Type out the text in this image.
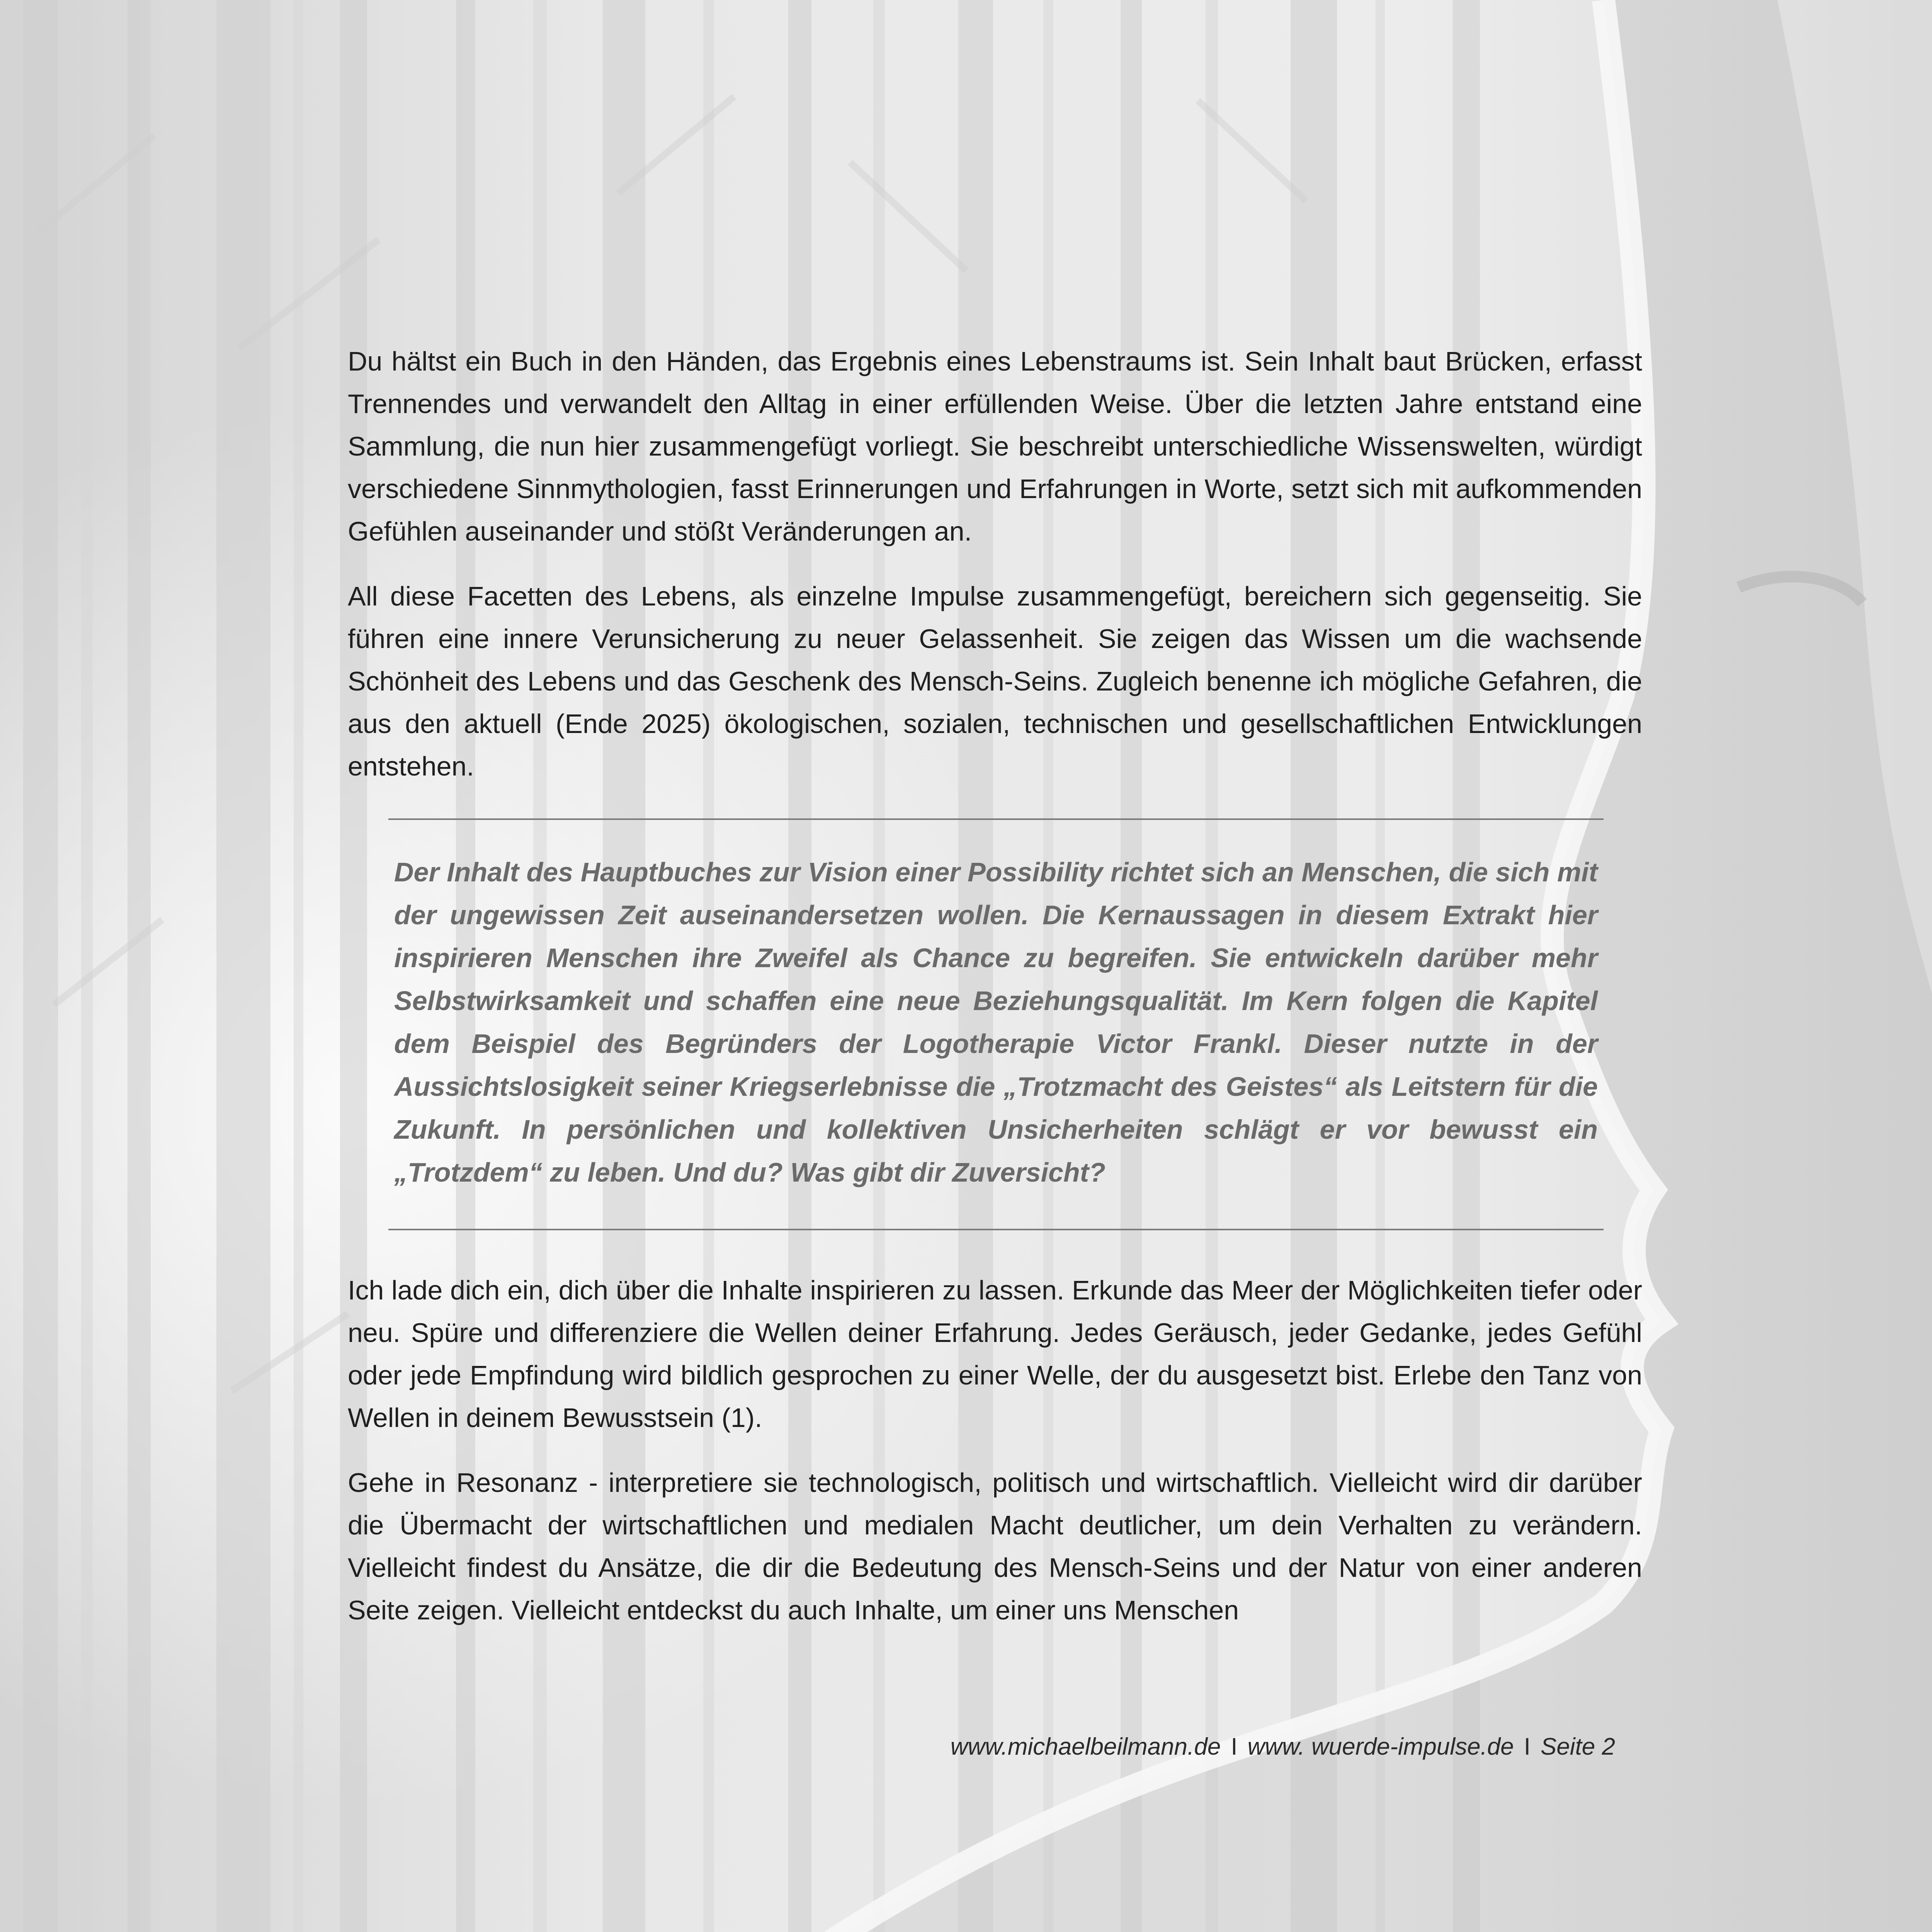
Du hältst ein Buch in den Händen, das Ergebnis eines Lebenstraums ist. Sein Inhalt baut Brücken, erfasst Trennendes und verwandelt den Alltag in einer erfüllenden Weise. Über die letzten Jahre entstand eine Sammlung, die nun hier zusammengefügt vorliegt. Sie beschreibt unterschiedliche Wissenswelten, würdigt verschiedene Sinnmythologien, fasst Erinnerungen und Erfahrungen in Worte, setzt sich mit aufkommenden Gefühlen auseinander und stößt Veränderungen an.

All diese Facetten des Lebens, als einzelne Impulse zusammengefügt, bereichern sich gegenseitig. Sie führen eine innere Verunsicherung zu neuer Gelassenheit. Sie zeigen das Wissen um die wachsende Schönheit des Lebens und das Geschenk des Mensch-Seins. Zugleich benenne ich mögliche Gefahren, die aus den aktuell (Ende 2025) ökologischen, sozialen, technischen und gesellschaftlichen Entwicklungen entstehen.

Der Inhalt des Hauptbuches zur Vision einer Possibility richtet sich an Menschen, die sich mit der ungewissen Zeit auseinandersetzen wollen. Die Kernaussagen in diesem Extrakt hier inspirieren Menschen ihre Zweifel als Chance zu begreifen. Sie entwickeln darüber mehr Selbstwirksamkeit und schaffen eine neue Beziehungsqualität. Im Kern folgen die Kapitel dem Beispiel des Begründers der Logotherapie Victor Frankl. Dieser nutzte in der Aussichtslosigkeit seiner Kriegserlebnisse die „Trotzmacht des Geistes“ als Leitstern für die Zukunft. In persönlichen und kollektiven Unsicherheiten schlägt er vor bewusst ein „Trotzdem“ zu leben. Und du? Was gibt dir Zuversicht?

Ich lade dich ein, dich über die Inhalte inspirieren zu lassen. Erkunde das Meer der Möglichkeiten tiefer oder neu. Spüre und differenziere die Wellen deiner Erfahrung. Jedes Geräusch, jeder Gedanke, jedes Gefühl oder jede Empfindung wird bildlich gesprochen zu einer Welle, der du ausgesetzt bist. Erlebe den Tanz von Wellen in deinem Bewusstsein (1).

Gehe in Resonanz - interpretiere sie technologisch, politisch und wirtschaftlich. Vielleicht wird dir darüber die Übermacht der wirtschaftlichen und medialen Macht deutlicher, um dein Verhalten zu verändern. Vielleicht findest du Ansätze, die dir die Bedeutung des Mensch-Seins und der Natur von einer anderen Seite zeigen. Vielleicht entdeckst du auch Inhalte, um einer uns Menschen

www.michaelbeilmann.de I www. wuerde-impulse.de I Seite 2
